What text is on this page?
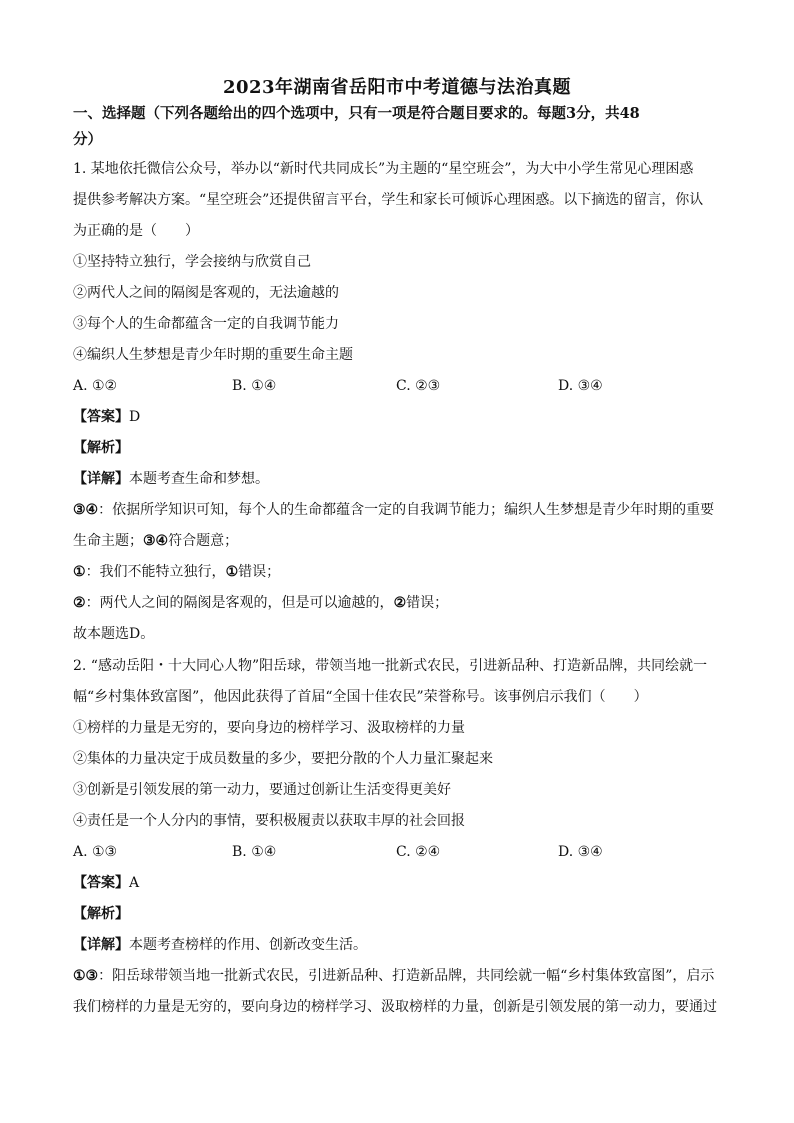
2023年湖南省岳阳市中考道德与法治真题
一、选择题（下列各题给出的四个选项中，只有一项是符合题目要求的。每题3分，共48
分）
1. 某地依托微信公众号，举办以“新时代共同成长”为主题的“星空班会”，为大中小学生常见心理困惑
提供参考解决方案。“星空班会”还提供留言平台，学生和家长可倾诉心理困惑。以下摘选的留言，你认
为正确的是（　　）
①坚持特立独行，学会接纳与欣赏自己
②两代人之间的隔阂是客观的，无法逾越的
③每个人的生命都蕴含一定的自我调节能力
④编织人生梦想是青少年时期的重要生命主题
A. ①②	B. ①④	C. ②③	D. ③④
【答案】D
【解析】
【详解】本题考查生命和梦想。
③④：依据所学知识可知，每个人的生命都蕴含一定的自我调节能力；编织人生梦想是青少年时期的重要
生命主题；③④符合题意；
①：我们不能特立独行，①错误；
②：两代人之间的隔阂是客观的，但是可以逾越的，②错误；
故本题选D。
2. “感动岳阳・十大同心人物”阳岳球，带领当地一批新式农民，引进新品种、打造新品牌，共同绘就一
幅“乡村集体致富图”，他因此获得了首届“全国十佳农民”荣誉称号。该事例启示我们（　　）
①榜样的力量是无穷的，要向身边的榜样学习、汲取榜样的力量
②集体的力量决定于成员数量的多少，要把分散的个人力量汇聚起来
③创新是引领发展的第一动力，要通过创新让生活变得更美好
④责任是一个人分内的事情，要积极履责以获取丰厚的社会回报
A. ①③	B. ①④	C. ②④	D. ③④
【答案】A
【解析】
【详解】本题考查榜样的作用、创新改变生活。
①③：阳岳球带领当地一批新式农民，引进新品种、打造新品牌，共同绘就一幅“乡村集体致富图”，启示
我们榜样的力量是无穷的，要向身边的榜样学习、汲取榜样的力量，创新是引领发展的第一动力，要通过
